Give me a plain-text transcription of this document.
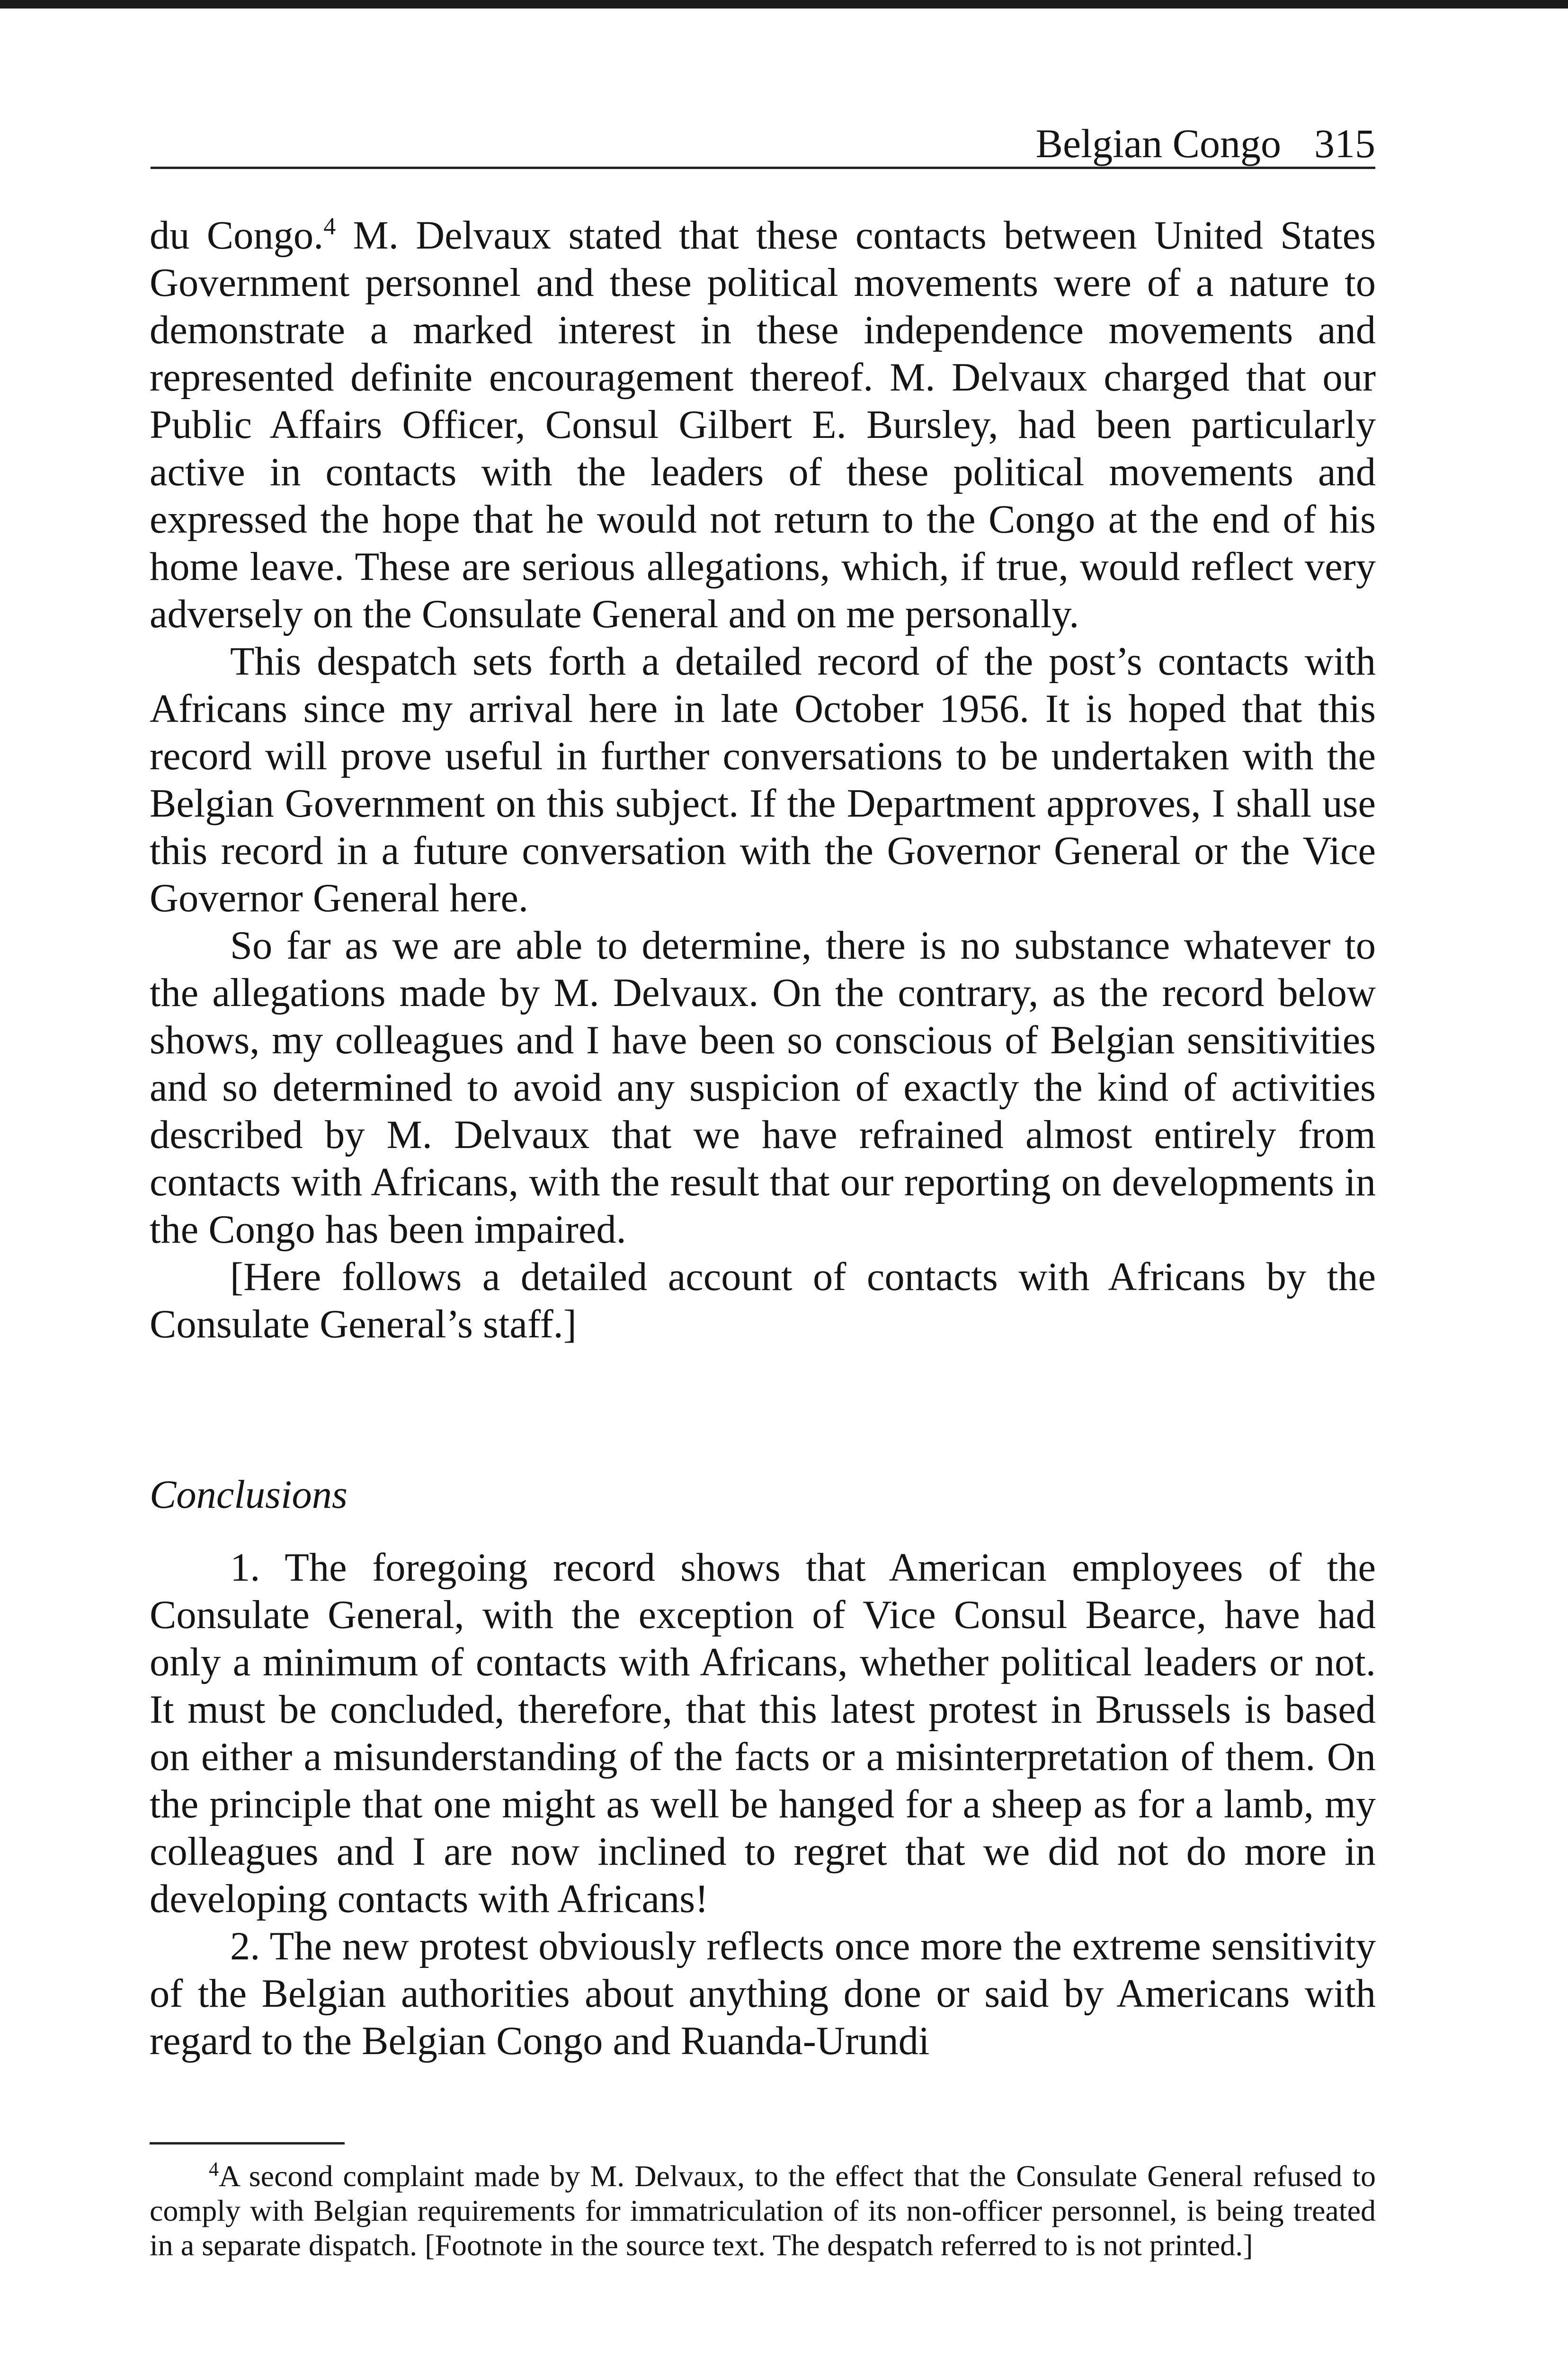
Belgian Congo 315

du Congo.$^4$ M. Delvaux stated that these contacts between United States Government personnel and these political movements were of a nature to demonstrate a marked interest in these independence movements and represented definite encouragement thereof. M. Delvaux charged that our Public Affairs Officer, Consul Gilbert E. Bursley, had been particularly active in contacts with the leaders of these political movements and expressed the hope that he would not return to the Congo at the end of his home leave. These are serious allegations, which, if true, would reflect very adversely on the Consulate General and on me personally.

This despatch sets forth a detailed record of the post’s contacts with Africans since my arrival here in late October 1956. It is hoped that this record will prove useful in further conversations to be undertaken with the Belgian Government on this subject. If the Department approves, I shall use this record in a future conversation with the Governor General or the Vice Governor General here.

So far as we are able to determine, there is no substance whatever to the allegations made by M. Delvaux. On the contrary, as the record below shows, my colleagues and I have been so conscious of Belgian sensitivities and so determined to avoid any suspicion of exactly the kind of activities described by M. Delvaux that we have refrained almost entirely from contacts with Africans, with the result that our reporting on developments in the Congo has been impaired.

[Here follows a detailed account of contacts with Africans by the Consulate General’s staff.]

Conclusions

1. The foregoing record shows that American employees of the Consulate General, with the exception of Vice Consul Bearce, have had only a minimum of contacts with Africans, whether political leaders or not. It must be concluded, therefore, that this latest protest in Brussels is based on either a misunderstanding of the facts or a misinterpretation of them. On the principle that one might as well be hanged for a sheep as for a lamb, my colleagues and I are now inclined to regret that we did not do more in developing contacts with Africans!

2. The new protest obviously reflects once more the extreme sensitivity of the Belgian authorities about anything done or said by Americans with regard to the Belgian Congo and Ruanda-Urundi

$^4$A second complaint made by M. Delvaux, to the effect that the Consulate General refused to comply with Belgian requirements for immatriculation of its non-officer personnel, is being treated in a separate dispatch. [Footnote in the source text. The despatch referred to is not printed.]
